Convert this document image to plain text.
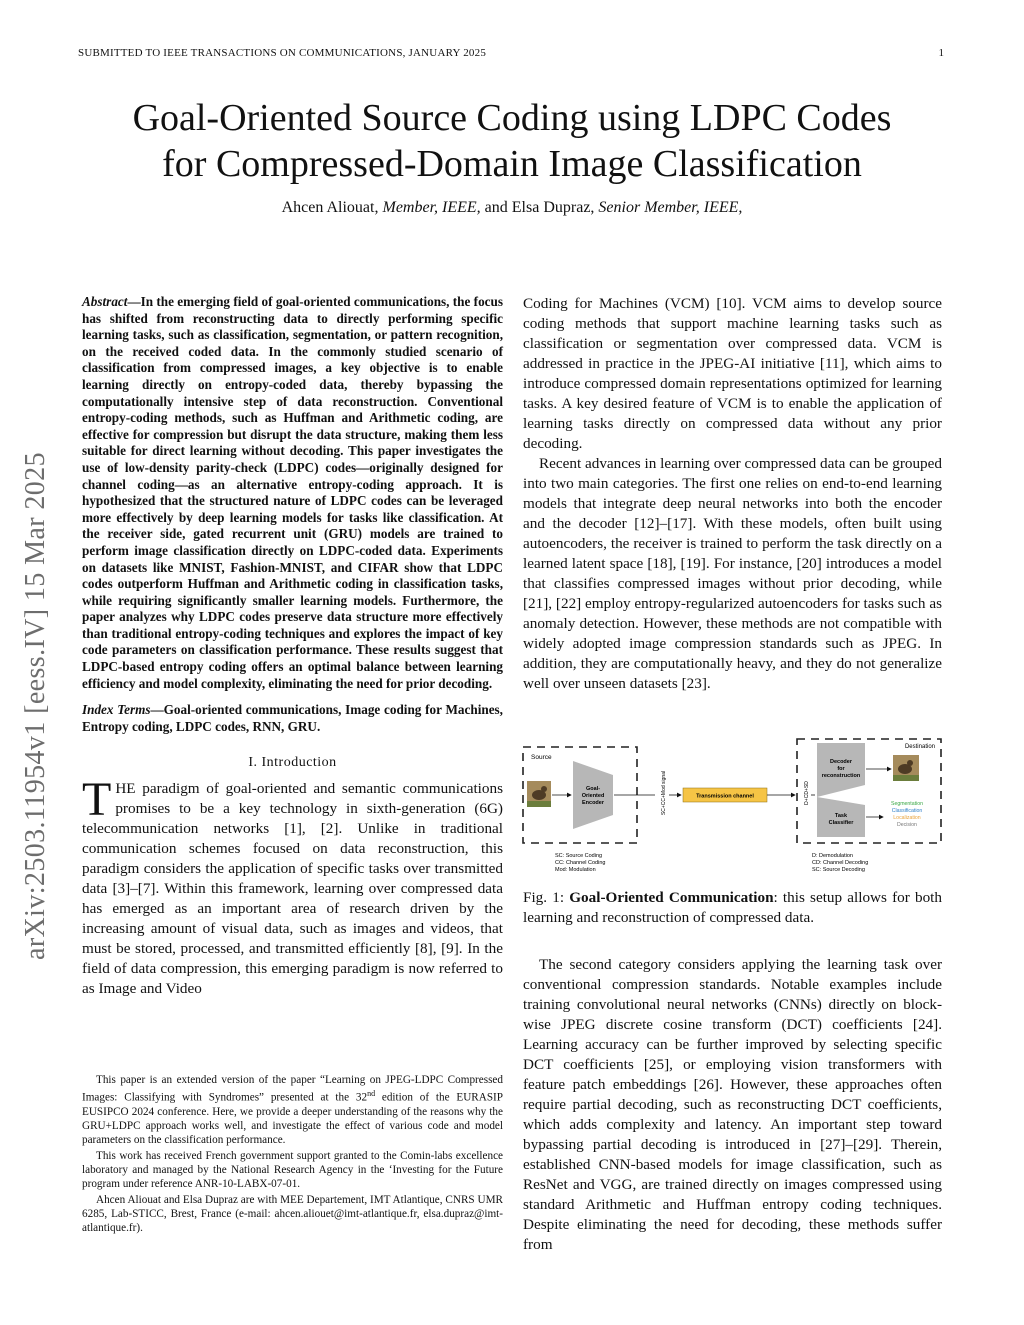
SUBMITTED TO IEEE TRANSACTIONS ON COMMUNICATIONS, JANUARY 2025	1
Goal-Oriented Source Coding using LDPC Codes
for Compressed-Domain Image Classification
Ahcen Aliouat, Member, IEEE, and Elsa Dupraz, Senior Member, IEEE,
arXiv:2503.11954v1 [eess.IV] 15 Mar 2025

Abstract—In the emerging field of goal-oriented communications, the focus has shifted from reconstructing data to directly performing specific learning tasks, such as classification, segmentation, or pattern recognition, on the received coded data. In the commonly studied scenario of classification from compressed images, a key objective is to enable learning directly on entropy-coded data, thereby bypassing the computationally intensive step of data reconstruction. Conventional entropy-coding methods, such as Huffman and Arithmetic coding, are effective for compression but disrupt the data structure, making them less suitable for direct learning without decoding. This paper investigates the use of low-density parity-check (LDPC) codes—originally designed for channel coding—as an alternative entropy-coding approach. It is hypothesized that the structured nature of LDPC codes can be leveraged more effectively by deep learning models for tasks like classification. At the receiver side, gated recurrent unit (GRU) models are trained to perform image classification directly on LDPC-coded data. Experiments on datasets like MNIST, Fashion-MNIST, and CIFAR show that LDPC codes outperform Huffman and Arithmetic coding in classification tasks, while requiring significantly smaller learning models. Furthermore, the paper analyzes why LDPC codes preserve data structure more effectively than traditional entropy-coding techniques and explores the impact of key code parameters on classification performance. These results suggest that LDPC-based entropy coding offers an optimal balance between learning efficiency and model complexity, eliminating the need for prior decoding.

Index Terms—Goal-oriented communications, Image coding for Machines, Entropy coding, LDPC codes, RNN, GRU.

I. Introduction

THE paradigm of goal-oriented and semantic communications promises to be a key technology in sixth-generation (6G) telecommunication networks [1], [2]. Unlike in traditional communication schemes focused on data reconstruction, this paradigm considers the application of specific tasks over transmitted data [3]–[7]. Within this framework, learning over compressed data has emerged as an important area of research driven by the increasing amount of visual data, such as images and videos, that must be stored, processed, and transmitted efficiently [8], [9]. In the field of data compression, this emerging paradigm is now referred to as Image and Video

This paper is an extended version of the paper “Learning on JPEG-LDPC Compressed Images: Classifying with Syndromes” presented at the 32nd edition of the EURASIP EUSIPCO 2024 conference. Here, we provide a deeper understanding of the reasons why the GRU+LDPC approach works well, and investigate the effect of various code and model parameters on the classification performance.

This work has received French government support granted to the Comin-labs excellence laboratory and managed by the National Research Agency in the ‘Investing for the Future program under reference ANR-10-LABX-07-01.

Ahcen Aliouat and Elsa Dupraz are with MEE Departement, IMT Atlantique, CNRS UMR 6285, Lab-STICC, Brest, France (e-mail: ahcen.aliouet@imt-atlantique.fr, elsa.dupraz@imt-atlantique.fr).

Coding for Machines (VCM) [10]. VCM aims to develop source coding methods that support machine learning tasks such as classification or segmentation over compressed data. VCM is addressed in practice in the JPEG-AI initiative [11], which aims to introduce compressed domain representations optimized for learning tasks. A key desired feature of VCM is to enable the application of learning tasks directly on compressed data without any prior decoding.

Recent advances in learning over compressed data can be grouped into two main categories. The first one relies on end-to-end learning models that integrate deep neural networks into both the encoder and the decoder [12]–[17]. With these models, often built using autoencoders, the receiver is trained to perform the task directly on a learned latent space [18], [19]. For instance, [20] introduces a model that classifies compressed images without prior decoding, while [21], [22] employ entropy-regularized autoencoders for tasks such as anomaly detection. However, these methods are not compatible with widely adopted image compression standards such as JPEG. In addition, they are computationally heavy, and they do not generalize well over unseen datasets [23].

Source
Goal-
Oriented
Encoder	SC+CC+Mod signal	Transmission channel	D+CD+SD
Destination
Decoder
for
reconstruction
Task
Classifier
Segmentation
Classification
Localization
Decision
SC: Source Coding
CC: Channel Coding
Mod: Modulation
D: Demodulation
CD: Channel Decoding
SC: Source Decoding
Fig. 1: Goal-Oriented Communication: this setup allows for both learning and reconstruction of compressed data.

The second category considers applying the learning task over conventional compression standards. Notable examples include training convolutional neural networks (CNNs) directly on block-wise JPEG discrete cosine transform (DCT) coefficients [24]. Learning accuracy can be further improved by selecting specific DCT coefficients [25], or employing vision transformers with feature patch embeddings [26]. However, these approaches often require partial decoding, such as reconstructing DCT coefficients, which adds complexity and latency. An important step toward bypassing partial decoding is introduced in [27]–[29]. Therein, established CNN-based models for image classification, such as ResNet and VGG, are trained directly on images compressed using standard Arithmetic and Huffman entropy coding techniques. Despite eliminating the need for decoding, these methods suffer from
